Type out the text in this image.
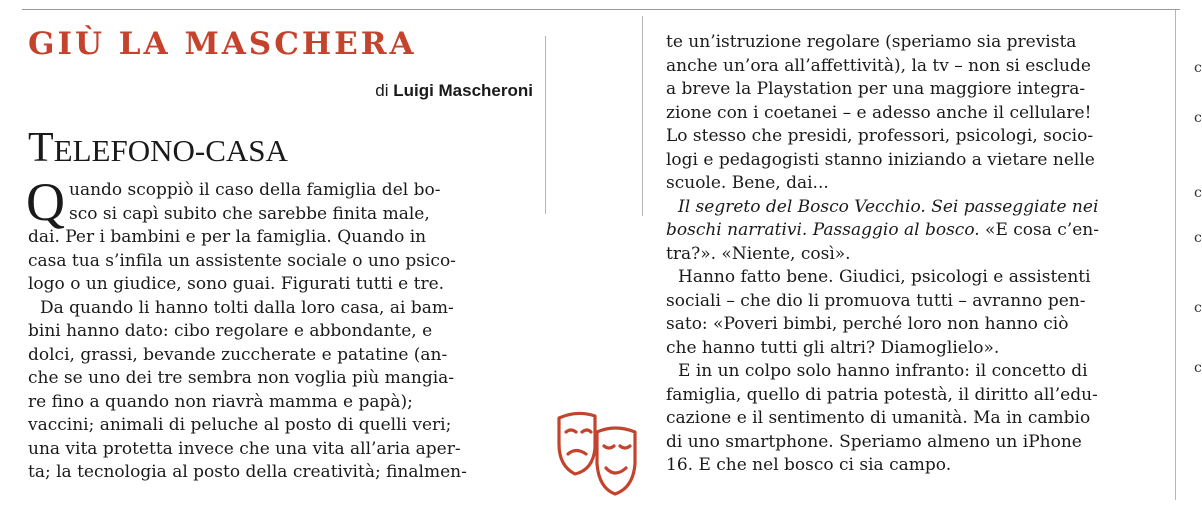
GIÙ LA MASCHERA
di Luigi Mascheroni
TELEFONO-CASA
Q uando scoppiò il caso della famiglia del bo-
sco si capì subito che sarebbe finita male,
dai. Per i bambini e per la famiglia. Quando in
casa tua s’infila un assistente sociale o uno psico-
logo o un giudice, sono guai. Figurati tutti e tre.
Da quando li hanno tolti dalla loro casa, ai bam-
bini hanno dato: cibo regolare e abbondante, e
dolci, grassi, bevande zuccherate e patatine (an-
che se uno dei tre sembra non voglia più mangia-
re fino a quando non riavrà mamma e papà);
vaccini; animali di peluche al posto di quelli veri;
una vita protetta invece che una vita all’aria aper-
ta; la tecnologia al posto della creatività; finalmen-
te un’istruzione regolare (speriamo sia prevista
anche un’ora all’affettività), la tv – non si esclude
a breve la Playstation per una maggiore integra-
zione con i coetanei – e adesso anche il cellulare!
Lo stesso che presidi, professori, psicologi, socio-
logi e pedagogisti stanno iniziando a vietare nelle
scuole. Bene, dai...
Il segreto del Bosco Vecchio. Sei passeggiate nei
boschi narrativi. Passaggio al bosco. «E cosa c’en-
tra?». «Niente, così».
Hanno fatto bene. Giudici, psicologi e assistenti
sociali – che dio li promuova tutti – avranno pen-
sato: «Poveri bimbi, perché loro non hanno ciò
che hanno tutti gli altri? Diamoglielo».
E in un colpo solo hanno infranto: il concetto di
famiglia, quello di patria potestà, il diritto all’edu-
cazione e il sentimento di umanità. Ma in cambio
di uno smartphone. Speriamo almeno un iPhone
16. E che nel bosco ci sia campo.
c
c
c
c
c
c
